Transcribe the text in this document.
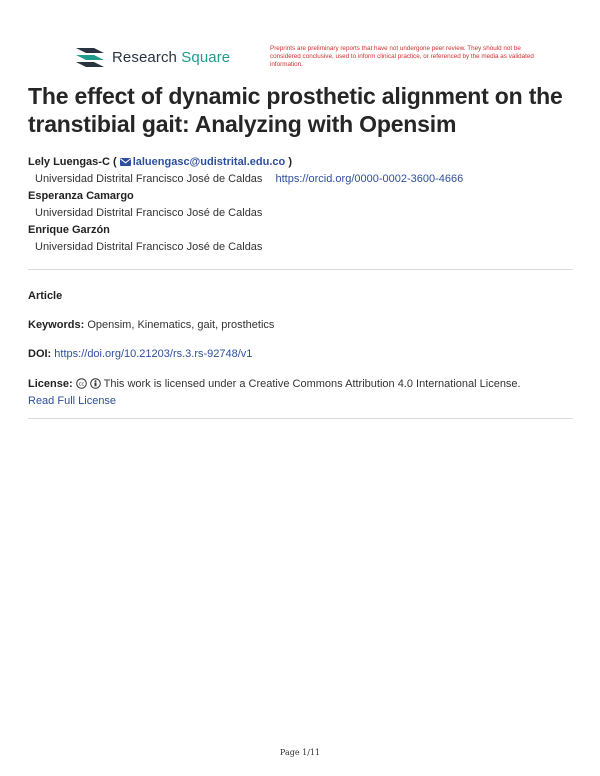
Research Square	Preprints are preliminary reports that have not undergone peer review. They should not be considered conclusive, used to inform clinical practice, or referenced by the media as validated information.
The effect of dynamic prosthetic alignment on the transtibial gait: Analyzing with Opensim
Lely Luengas-C ( laluengasc@udistrital.edu.co )
Universidad Distrital Francisco José de Caldas https://orcid.org/0000-0002-3600-4666
Esperanza Camargo
Universidad Distrital Francisco José de Caldas
Enrique Garzón
Universidad Distrital Francisco José de Caldas
Article
Keywords: Opensim, Kinematics, gait, prosthetics
DOI: https://doi.org/10.21203/rs.3.rs-92748/v1
License: cc This work is licensed under a Creative Commons Attribution 4.0 International License.
Read Full License
Page 1/11
